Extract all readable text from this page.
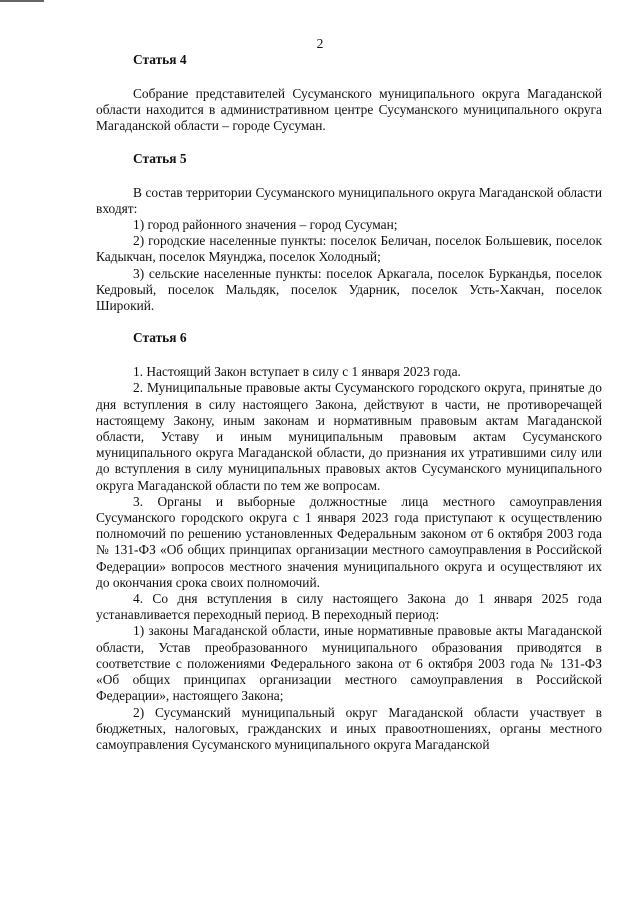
2
Статья 4

Собрание представителей Сусуманского муниципального округа Магаданской области находится в административном центре Сусуманского муниципального округа Магаданской области – городе Сусуман.

Статья 5

В состав территории Сусуманского муниципального округа Магаданской области входят:

1) город районного значения – город Сусуман;

2) городские населенные пункты: поселок Беличан, поселок Большевик, поселок Кадыкчан, поселок Мяунджа, поселок Холодный;

3) сельские населенные пункты: поселок Аркагала, поселок Буркандья, поселок Кедровый, поселок Мальдяк, поселок Ударник, поселок Усть-Хакчан, поселок Широкий.

Статья 6

1. Настоящий Закон вступает в силу с 1 января 2023 года.

2. Муниципальные правовые акты Сусуманского городского округа, принятые до дня вступления в силу настоящего Закона, действуют в части, не противоречащей настоящему Закону, иным законам и нормативным правовым актам Магаданской области, Уставу и иным муниципальным правовым актам Сусуманского муниципального округа Магаданской области, до признания их утратившими силу или до вступления в силу муниципальных правовых актов Сусуманского муниципального округа Магаданской области по тем же вопросам.

3. Органы и выборные должностные лица местного самоуправления Сусуманского городского округа с 1 января 2023 года приступают к осуществлению полномочий по решению установленных Федеральным законом от 6 октября 2003 года № 131-ФЗ «Об общих принципах организации местного самоуправления в Российской Федерации» вопросов местного значения муниципального округа и осуществляют их до окончания срока своих полномочий.

4. Со дня вступления в силу настоящего Закона до 1 января 2025 года устанавливается переходный период. В переходный период:

1) законы Магаданской области, иные нормативные правовые акты Магаданской области, Устав преобразованного муниципального образования приводятся в соответствие с положениями Федерального закона от 6 октября 2003 года № 131-ФЗ «Об общих принципах организации местного самоуправления в Российской Федерации», настоящего Закона;

2) Сусуманский муниципальный округ Магаданской области участвует в бюджетных, налоговых, гражданских и иных правоотношениях, органы местного самоуправления Сусуманского муниципального округа Магаданской
